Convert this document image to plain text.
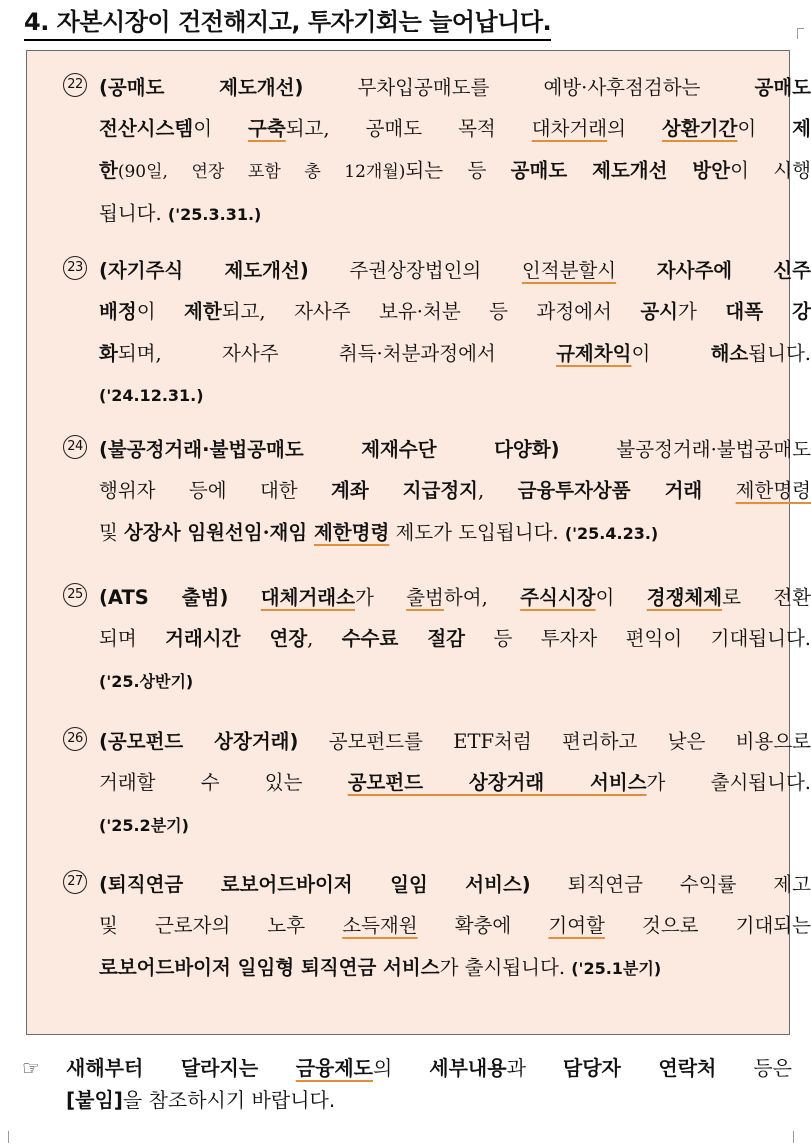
4. 자본시장이 건전해지고, 투자기회는 늘어납니다.
22 (공매도 제도개선) 무차입공매도를 예방·사후점검하는 공매도
전산시스템이 구축되고, 공매도 목적 대차거래의 상환기간이 제
한(90일, 연장 포함 총 12개월)되는 등 공매도 제도개선 방안이 시행
됩니다. ('25.3.31.)
23 (자기주식 제도개선) 주권상장법인의 인적분할시 자사주에 신주
배정이 제한되고, 자사주 보유·처분 등 과정에서 공시가 대폭 강
화되며, 자사주 취득·처분과정에서 규제차익이 해소됩니다.
('24.12.31.)
24 (불공정거래·불법공매도 제재수단 다양화) 불공정거래·불법공매도
행위자 등에 대한 계좌 지급정지, 금융투자상품 거래 제한명령
및 상장사 임원선임·재임 제한명령 제도가 도입됩니다. ('25.4.23.)
25 (ATS 출범) 대체거래소가 출범하여, 주식시장이 경쟁체제로 전환
되며 거래시간 연장, 수수료 절감 등 투자자 편익이 기대됩니다.
('25.상반기)
26 (공모펀드 상장거래) 공모펀드를 ETF처럼 편리하고 낮은 비용으로
거래할 수 있는 공모펀드 상장거래 서비스가 출시됩니다.
('25.2분기)
27 (퇴직연금 로보어드바이저 일임 서비스) 퇴직연금 수익률 제고
및 근로자의 노후 소득재원 확충에 기여할 것으로 기대되는
로보어드바이저 일임형 퇴직연금 서비스가 출시됩니다. ('25.1분기)
☞ 새해부터 달라지는 금융제도의 세부내용과 담당자 연락처 등은
[붙임]을 참조하시기 바랍니다.
